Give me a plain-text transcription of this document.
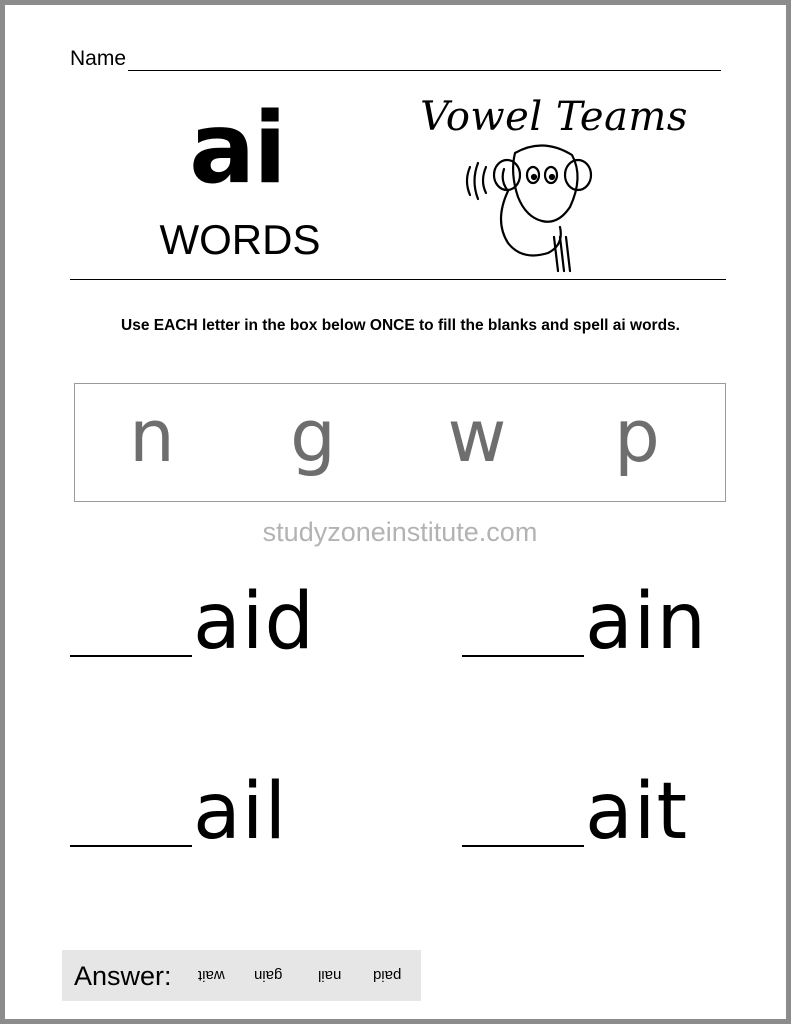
Name
ai
WORDS
Vowel Teams
Use EACH letter in the box below ONCE to fill the blanks and spell ai words.
n g w p
studyzoneinstitute.com
aid	ain
ail	ait
Answer: wait gain nail paid
